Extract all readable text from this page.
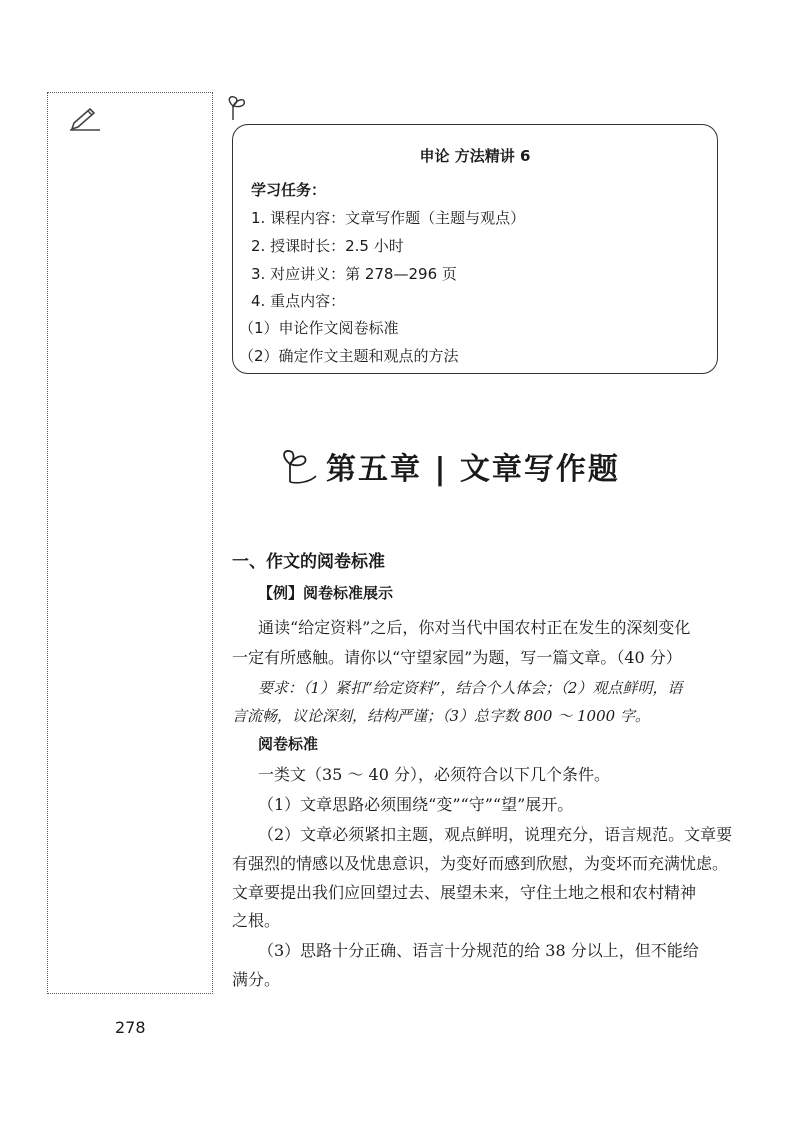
申论 方法精讲 6
学习任务：
1. 课程内容：文章写作题（主题与观点）
2. 授课时长：2.5 小时
3. 对应讲义：第 278—296 页
4. 重点内容：
（1）申论作文阅卷标准
（2）确定作文主题和观点的方法
第五章 | 文章写作题
一、作文的阅卷标准
【例】阅卷标准展示
通读“给定资料”之后，你对当代中国农村正在发生的深刻变化
一定有所感触。请你以“守望家园”为题，写一篇文章。（40 分）
要求：（1）紧扣“给定资料”，结合个人体会；（2）观点鲜明，语
言流畅，议论深刻，结构严谨；（3）总字数 800 ～ 1000 字。
阅卷标准
一类文（35 ～ 40 分），必须符合以下几个条件。
（1）文章思路必须围绕“变”“守”“望”展开。
（2）文章必须紧扣主题，观点鲜明，说理充分，语言规范。文章要
有强烈的情感以及忧患意识，为变好而感到欣慰，为变坏而充满忧虑。
文章要提出我们应回望过去、展望未来，守住土地之根和农村精神
之根。
（3）思路十分正确、语言十分规范的给 38 分以上，但不能给
满分。
278
